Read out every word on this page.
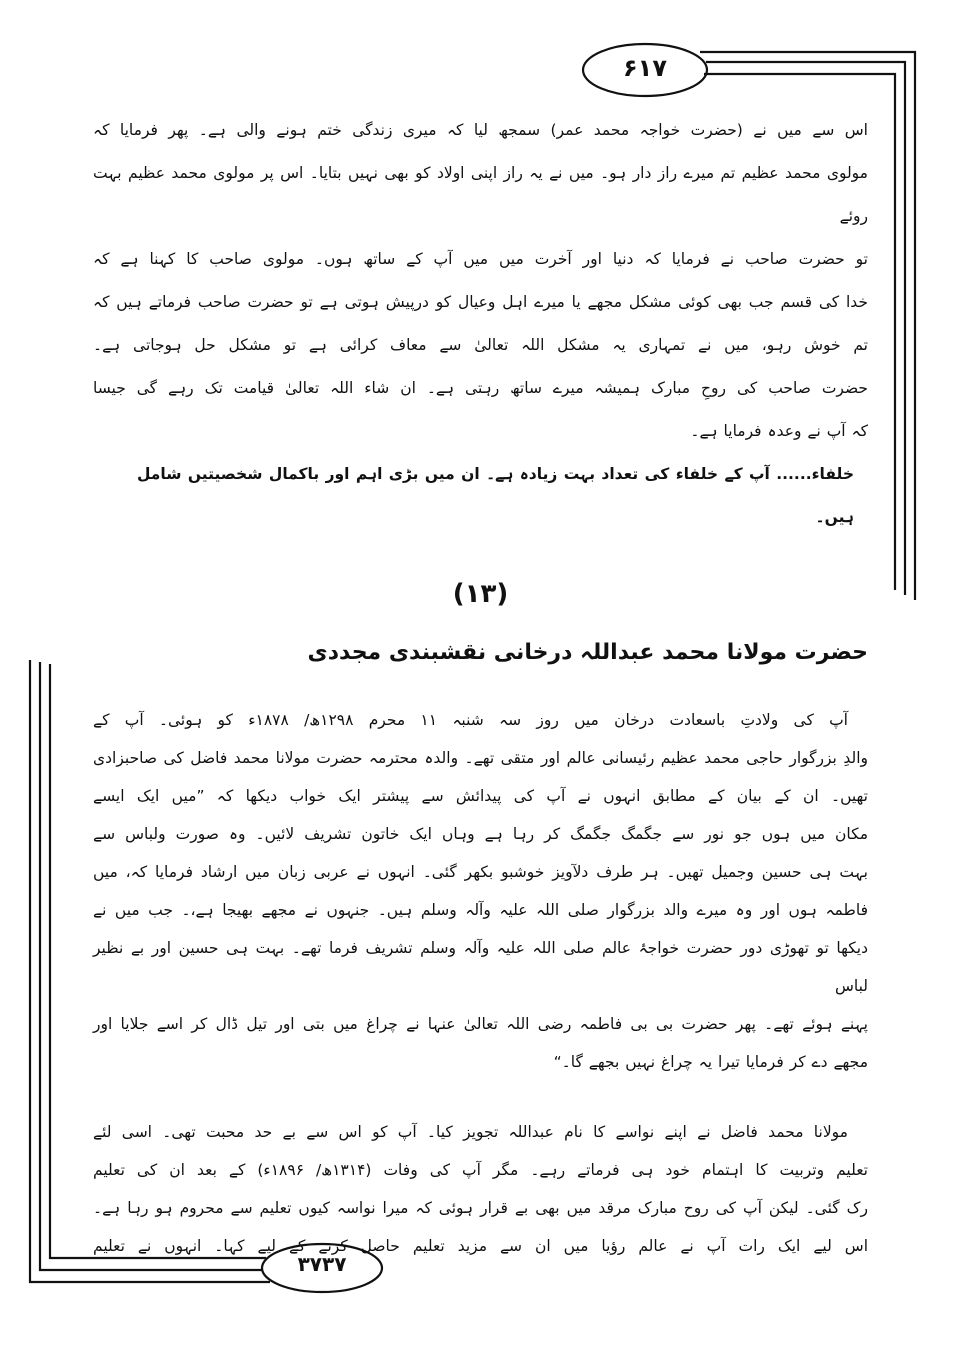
۶۱۷
۳۷۳۷
اس سے میں نے (حضرت خواجہ محمد عمر) سمجھ لیا کہ میری زندگی ختم ہونے والی ہے۔ پھر فرمایا کہ
مولوی محمد عظیم تم میرے راز دار ہو۔ میں نے یہ راز اپنی اولاد کو بھی نہیں بتایا۔ اس پر مولوی محمد عظیم بہت روئے
تو حضرت صاحب نے فرمایا کہ دنیا اور آخرت میں میں آپ کے ساتھ ہوں۔ مولوی صاحب کا کہنا ہے کہ
خدا کی قسم جب بھی کوئی مشکل مجھے یا میرے اہل وعیال کو درپیش ہوتی ہے تو حضرت صاحب فرماتے ہیں کہ
تم خوش رہو، میں نے تمہاری یہ مشکل اللہ تعالیٰ سے معاف کرائی ہے تو مشکل حل ہوجاتی ہے۔
حضرت صاحب کی روحِ مبارک ہمیشہ میرے ساتھ رہتی ہے۔ ان شاء اللہ تعالیٰ قیامت تک رہے گی جیسا
کہ آپ نے وعدہ فرمایا ہے۔
خلفاء...... آپ کے خلفاء کی تعداد بہت زیادہ ہے۔ ان میں بڑی اہم اور باکمال شخصیتیں شامل ہیں۔
(۱۳)
حضرت مولانا محمد عبداللہ درخانی نقشبندی مجددی
آپ کی ولادتِ باسعادت درخان میں روز سہ شنبہ ۱۱ محرم ۱۲۹۸ھ/ ۱۸۷۸ء کو ہوئی۔ آپ کے
والدِ بزرگوار حاجی محمد عظیم رئیسانی عالم اور متقی تھے۔ والدہ محترمہ حضرت مولانا محمد فاضل کی صاحبزادی
تھیں۔ ان کے بیان کے مطابق انہوں نے آپ کی پیدائش سے پیشتر ایک خواب دیکھا کہ ”میں ایک ایسے
مکان میں ہوں جو نور سے جگمگ جگمگ کر رہا ہے وہاں ایک خاتون تشریف لائیں۔ وہ صورت ولباس سے
بہت ہی حسین وجمیل تھیں۔ ہر طرف دلآویز خوشبو بکھر گئی۔ انہوں نے عربی زبان میں ارشاد فرمایا کہ، میں
فاطمہ ہوں اور وہ میرے والد بزرگوار صلی اللہ علیہ وآلہ وسلم ہیں۔ جنہوں نے مجھے بھیجا ہے،۔ جب میں نے
دیکھا تو تھوڑی دور حضرت خواجۂ عالم صلی اللہ علیہ وآلہ وسلم تشریف فرما تھے۔ بہت ہی حسین اور بے نظیر لباس
پہنے ہوئے تھے۔ پھر حضرت بی بی فاطمہ رضی اللہ تعالیٰ عنہا نے چراغ میں بتی اور تیل ڈال کر اسے جلایا اور
مجھے دے کر فرمایا تیرا یہ چراغ نہیں بجھے گا۔“
مولانا محمد فاضل نے اپنے نواسے کا نام عبداللہ تجویز کیا۔ آپ کو اس سے بے حد محبت تھی۔ اسی لئے
تعلیم وتربیت کا اہتمام خود ہی فرماتے رہے۔ مگر آپ کی وفات (۱۳۱۴ھ/ ۱۸۹۶ء) کے بعد ان کی تعلیم
رک گئی۔ لیکن آپ کی روح مبارک مرقد میں بھی بے قرار ہوئی کہ میرا نواسہ کیوں تعلیم سے محروم ہو رہا ہے۔
اس لیے ایک رات آپ نے عالم رؤیا میں ان سے مزید تعلیم حاصل کرنے کے لیے کہا۔ انہوں نے تعلیم
